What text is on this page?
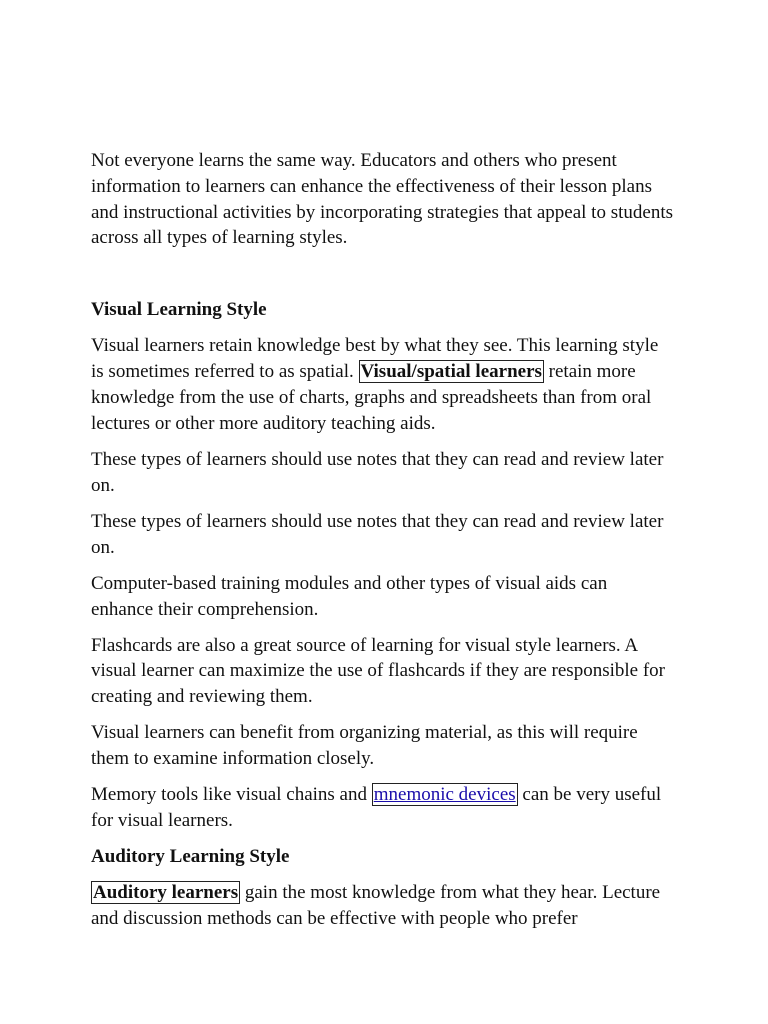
Not everyone learns the same way. Educators and others who present information to learners can enhance the effectiveness of their lesson plans and instructional activities by incorporating strategies that appeal to students across all types of learning styles.

Visual Learning Style

Visual learners retain knowledge best by what they see. This learning style is sometimes referred to as spatial. Visual/spatial learners retain more knowledge from the use of charts, graphs and spreadsheets than from oral lectures or other more auditory teaching aids.

These types of learners should use notes that they can read and review later on.

These types of learners should use notes that they can read and review later on.

Computer-based training modules and other types of visual aids can enhance their comprehension.

Flashcards are also a great source of learning for visual style learners. A visual learner can maximize the use of flashcards if they are responsible for creating and reviewing them.

Visual learners can benefit from organizing material, as this will require them to examine information closely.

Memory tools like visual chains and mnemonic devices can be very useful for visual learners.

Auditory Learning Style

Auditory learners gain the most knowledge from what they hear. Lecture and discussion methods can be effective with people who prefer
